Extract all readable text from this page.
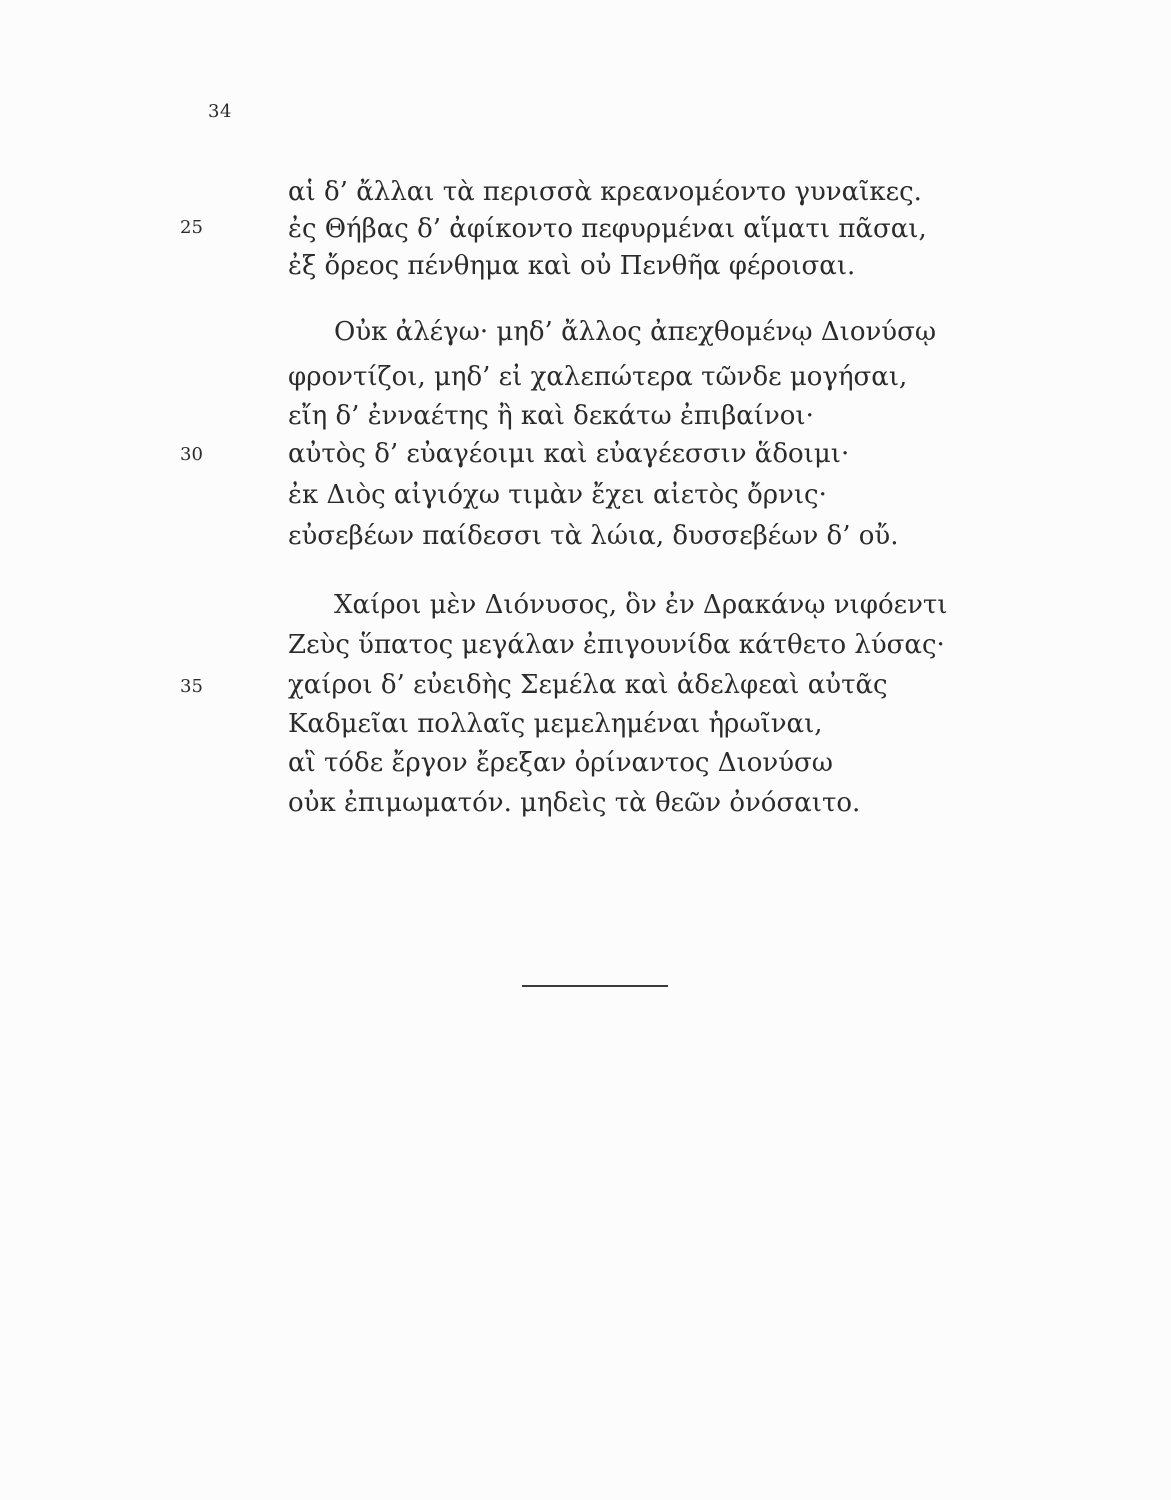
34
25
30
35
αἱ δ’ ἄλλαι τὰ περισσὰ κρεανομέοντο γυναῖκες.
ἐς Θήβας δ’ ἀφίκοντο πεφυρμέναι αἵματι πᾶσαι,
ἐξ ὄρεος πένθημα καὶ οὐ Πενθῆα φέροισαι.
Οὐκ ἀλέγω· μηδ’ ἄλλος ἀπεχθομένῳ Διονύσῳ
φροντίζοι, μηδ’ εἰ χαλεπώτερα τῶνδε μογήσαι,
εἴη δ’ ἐνναέτης ἢ καὶ δεκάτω ἐπιβαίνοι·
αὐτὸς δ’ εὐαγέοιμι καὶ εὐαγέεσσιν ἅδοιμι·
ἐκ Διὸς αἰγιόχω τιμὰν ἔχει αἰετὸς ὄρνις·
εὐσεβέων παίδεσσι τὰ λώια, δυσσεβέων δ’ οὔ.
Χαίροι μὲν Διόνυσος, ὃν ἐν Δρακάνῳ νιφόεντι
Ζεὺς ὕπατος μεγάλαν ἐπιγουνίδα κάτθετο λύσας·
χαίροι δ’ εὐειδὴς Σεμέλα καὶ ἀδελφεαὶ αὐτᾶς
Καδμεῖαι πολλαῖς μεμελημέναι ἡρωῖναι,
αἳ τόδε ἔργον ἔρεξαν ὀρίναντος Διονύσω
οὐκ ἐπιμωματόν. μηδεὶς τὰ θεῶν ὀνόσαιτο.
